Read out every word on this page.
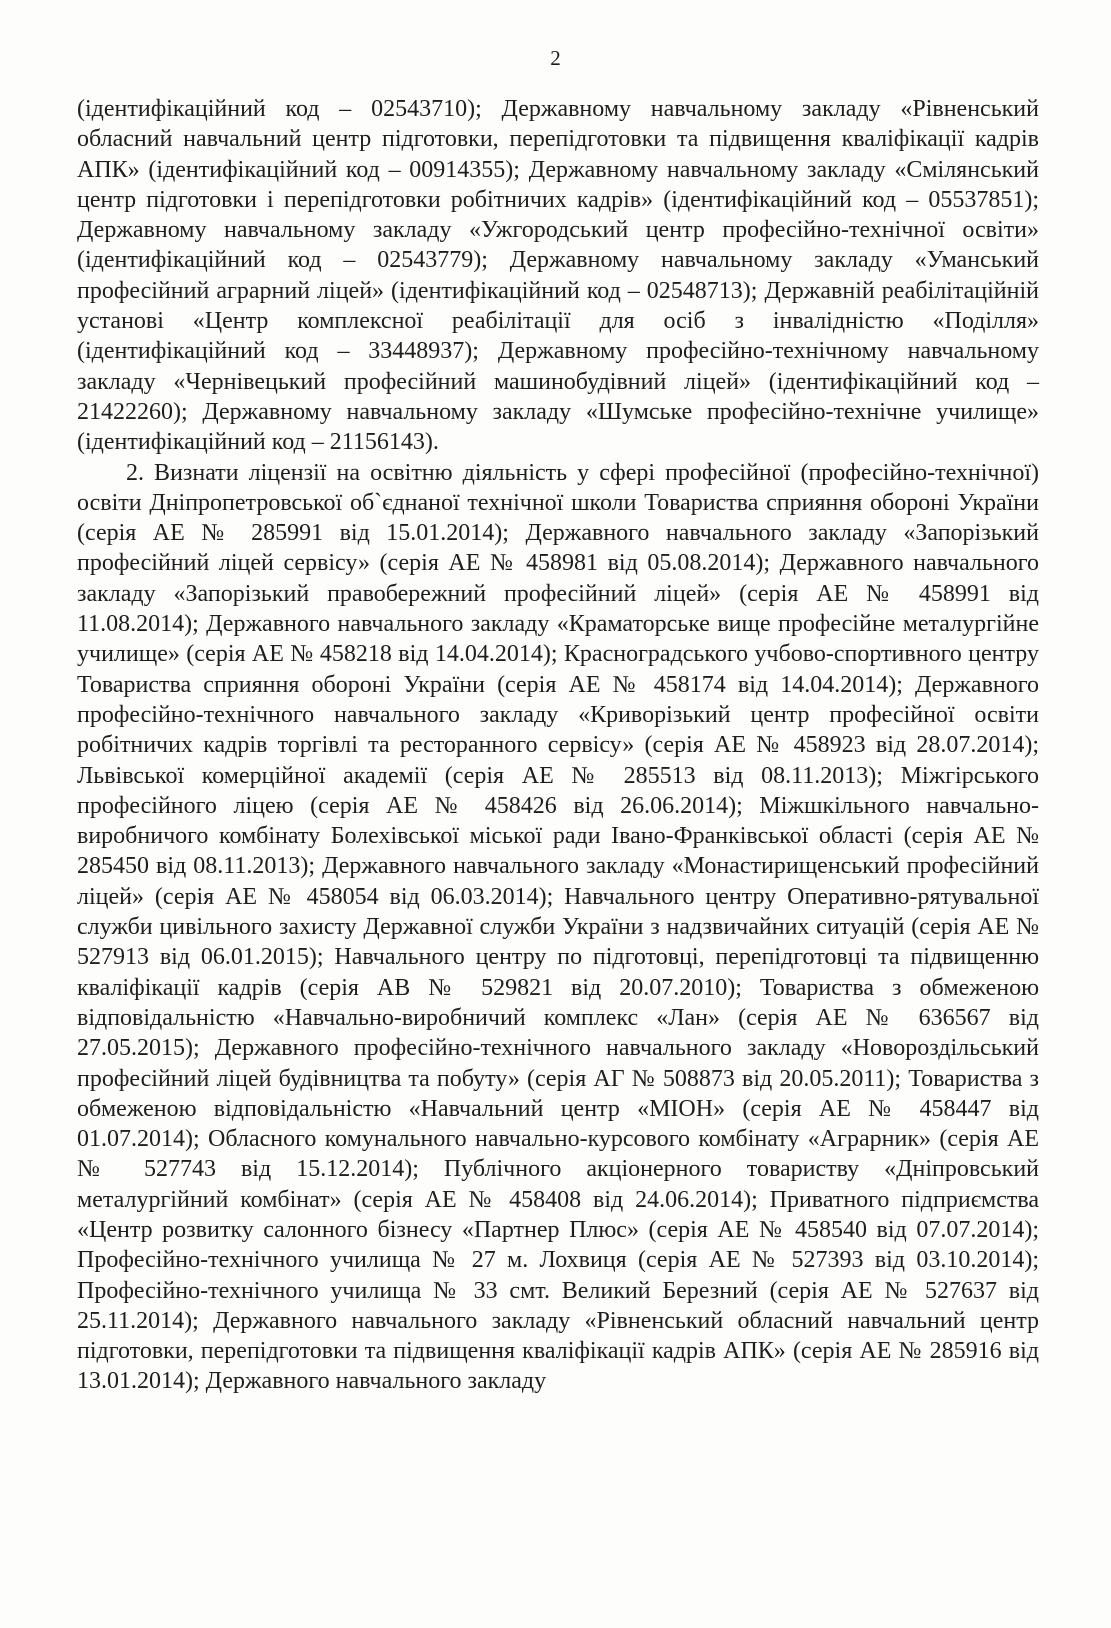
2

(ідентифікаційний код – 02543710); Державному навчальному закладу «Рівненський обласний навчальний центр підготовки, перепідготовки та підвищення кваліфікації кадрів АПК» (ідентифікаційний код – 00914355); Державному навчальному закладу «Смілянський центр підготовки і перепідготовки робітничих кадрів» (ідентифікаційний код – 05537851); Державному навчальному закладу «Ужгородський центр професійно-технічної освіти» (ідентифікаційний код – 02543779); Державному навчальному закладу «Уманський професійний аграрний ліцей» (ідентифікаційний код – 02548713); Державній реабілітаційній установі «Центр комплексної реабілітації для осіб з інвалідністю «Поділля» (ідентифікаційний код – 33448937); Державному професійно-технічному навчальному закладу «Чернівецький професійний машинобудівний ліцей» (ідентифікаційний код – 21422260); Державному навчальному закладу «Шумське професійно-технічне училище» (ідентифікаційний код – 21156143).

2. Визнати ліцензії на освітню діяльність у сфері професійної (професійно-технічної) освіти Дніпропетровської об`єднаної технічної школи Товариства сприяння обороні України (серія АЕ № 285991 від 15.01.2014); Державного навчального закладу «Запорізький професійний ліцей сервісу» (серія АЕ № 458981 від 05.08.2014); Державного навчального закладу «Запорізький правобережний професійний ліцей» (серія АЕ № 458991 від 11.08.2014); Державного навчального закладу «Краматорське вище професійне металургійне училище» (серія АЕ № 458218 від 14.04.2014); Красноградського учбово-спортивного центру Товариства сприяння обороні України (серія АЕ № 458174 від 14.04.2014); Державного професійно-технічного навчального закладу «Криворізький центр професійної освіти робітничих кадрів торгівлі та ресторанного сервісу» (серія АЕ № 458923 від 28.07.2014); Львівської комерційної академії (серія АЕ № 285513 від 08.11.2013); Міжгірського професійного ліцею (серія АЕ № 458426 від 26.06.2014); Міжшкільного навчально-виробничого комбінату Болехівської міської ради Івано-Франківської області (серія АЕ № 285450 від 08.11.2013); Державного навчального закладу «Монастирищенський професійний ліцей» (серія АЕ № 458054 від 06.03.2014); Навчального центру Оперативно-рятувальної служби цивільного захисту Державної служби України з надзвичайних ситуацій (серія АЕ № 527913 від 06.01.2015); Навчального центру по підготовці, перепідготовці та підвищенню кваліфікації кадрів (серія АВ № 529821 від 20.07.2010); Товариства з обмеженою відповідальністю «Навчально-виробничий комплекс «Лан» (серія АЕ № 636567 від 27.05.2015); Державного професійно-технічного навчального закладу «Новороздільський професійний ліцей будівництва та побуту» (серія АГ № 508873 від 20.05.2011); Товариства з обмеженою відповідальністю «Навчальний центр «МІОН» (серія АЕ № 458447 від 01.07.2014); Обласного комунального навчально-курсового комбінату «Аграрник» (серія АЕ № 527743 від 15.12.2014); Публічного акціонерного товариству «Дніпровський металургійний комбінат» (серія АЕ № 458408 від 24.06.2014); Приватного підприємства «Центр розвитку салонного бізнесу «Партнер Плюс» (серія АЕ № 458540 від 07.07.2014); Професійно-технічного училища № 27 м. Лохвиця (серія АЕ № 527393 від 03.10.2014); Професійно-технічного училища № 33 смт. Великий Березний (серія АЕ № 527637 від 25.11.2014); Державного навчального закладу «Рівненський обласний навчальний центр підготовки, перепідготовки та підвищення кваліфікації кадрів АПК» (серія АЕ № 285916 від 13.01.2014); Державного навчального закладу
